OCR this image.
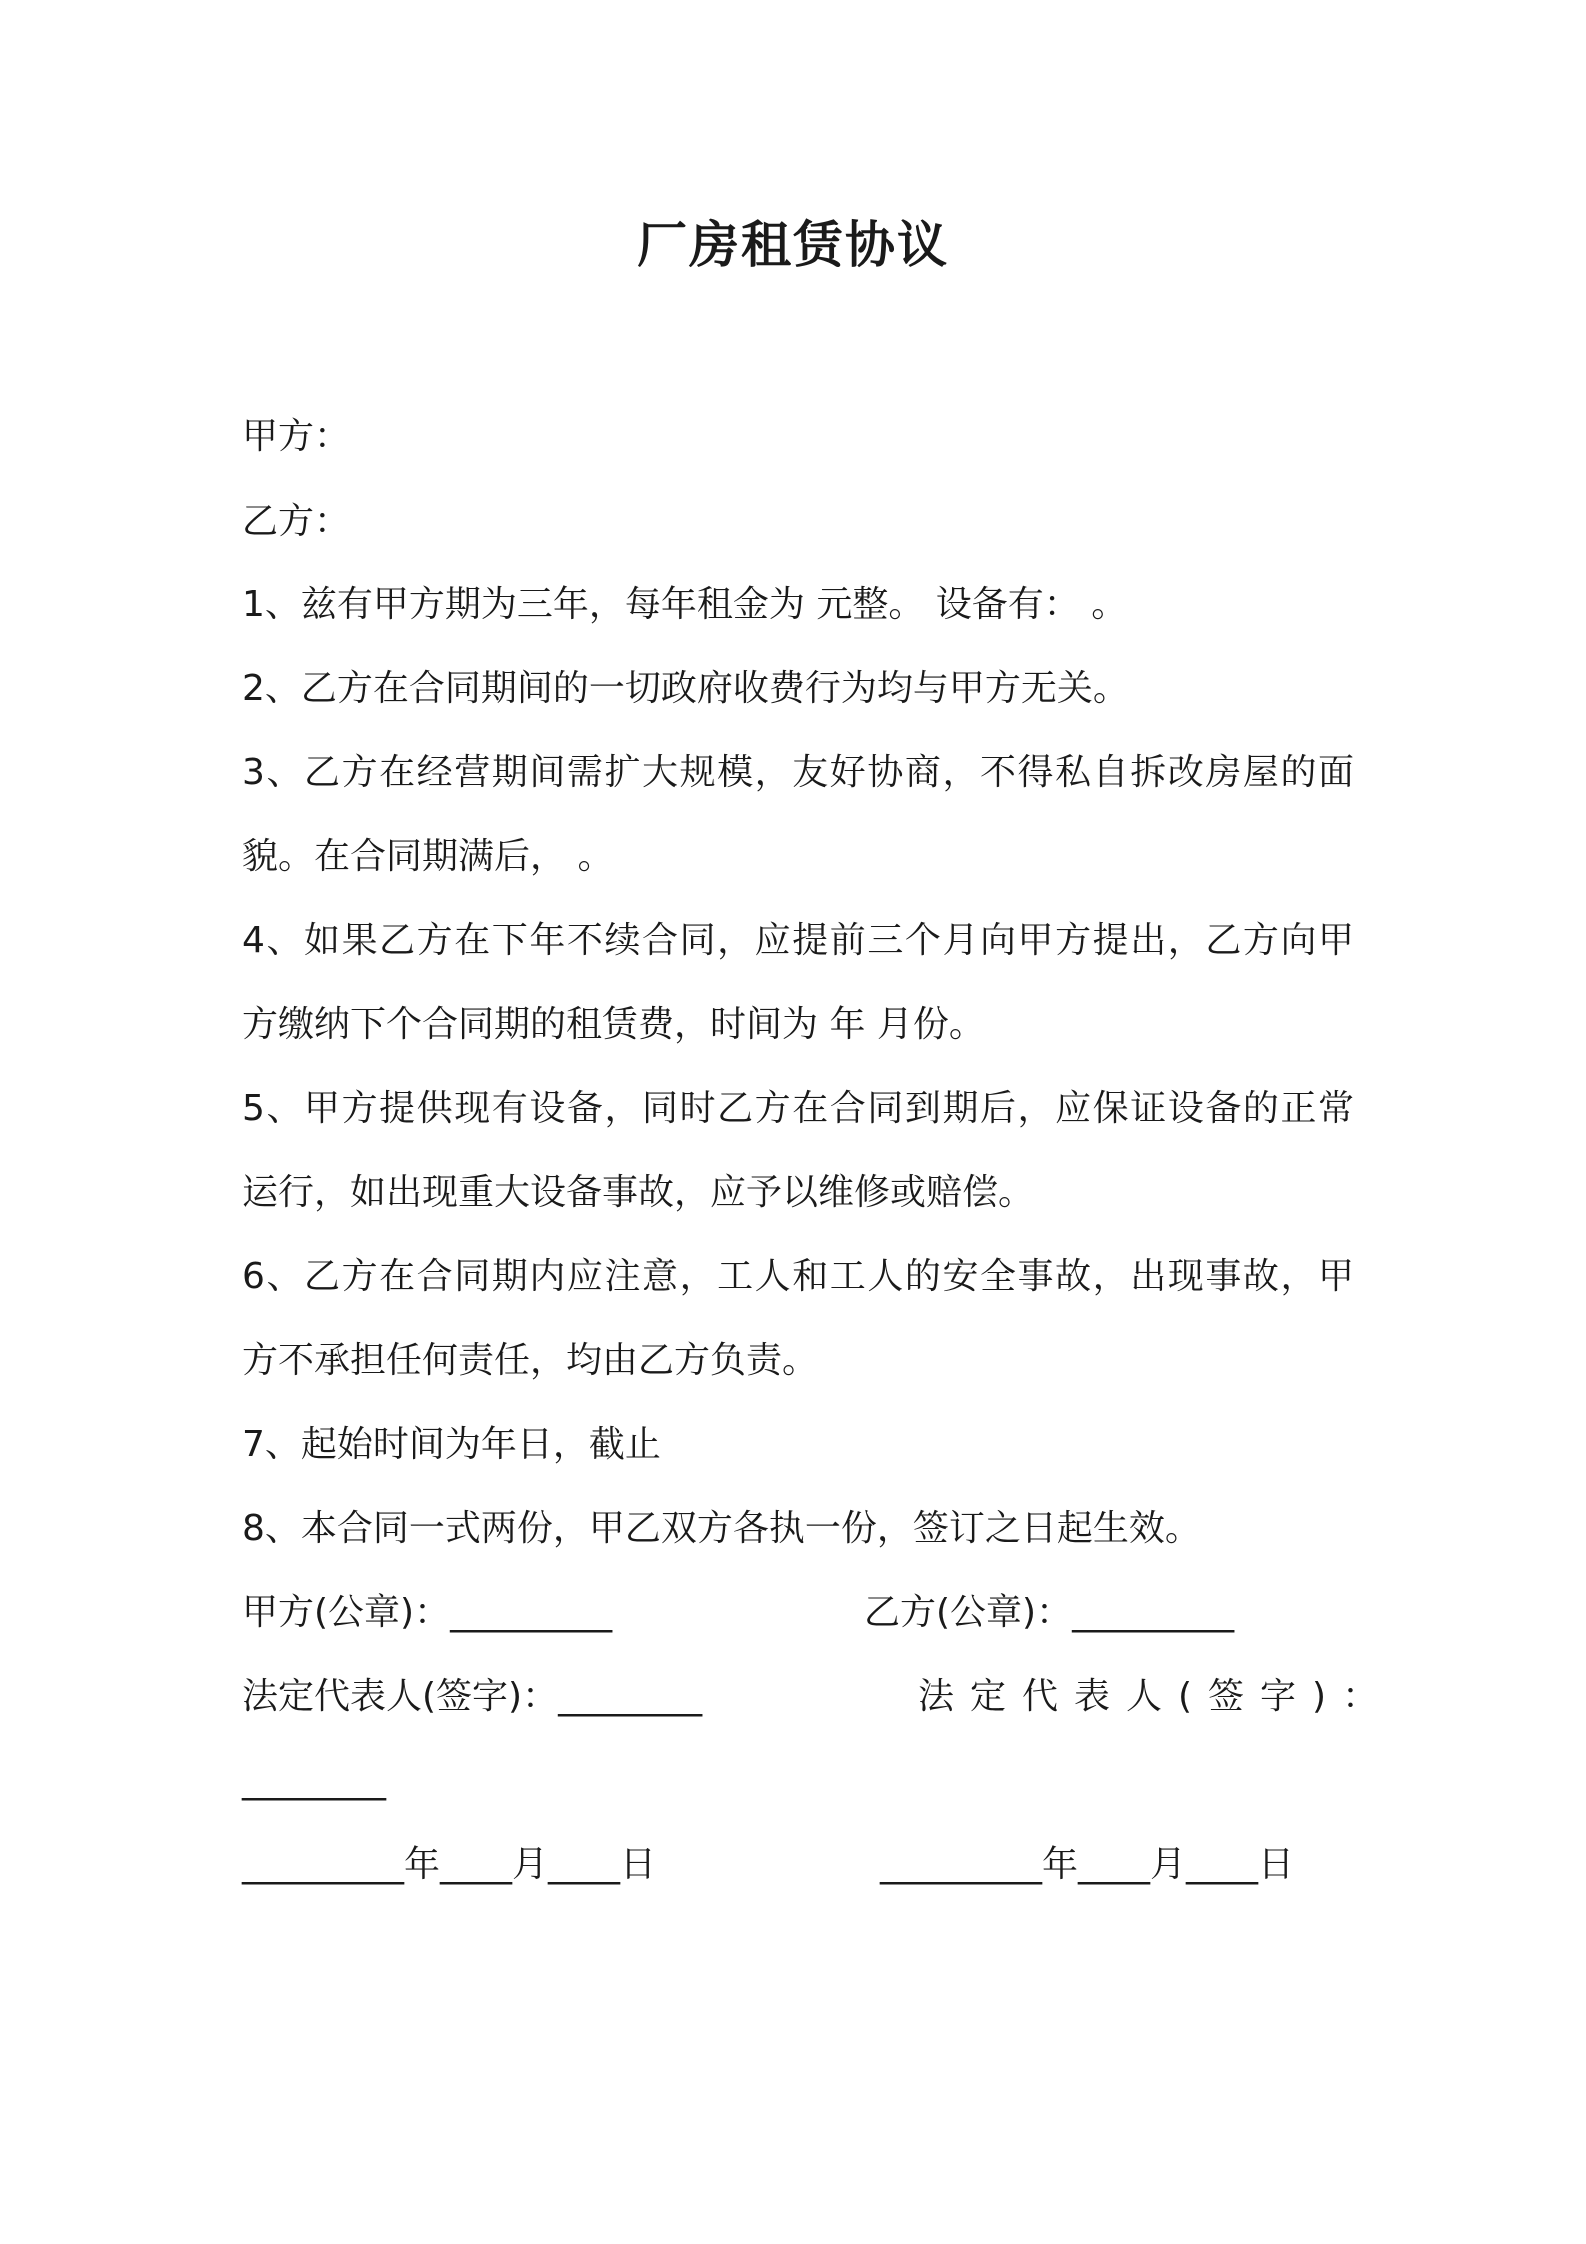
厂房租赁协议
甲方：
乙方：
1、兹有甲方期为三年，每年租金为 元整。 设备有： 。
2、乙方在合同期间的一切政府收费行为均与甲方无关。
3、乙方在经营期间需扩大规模，友好协商，不得私自拆改房屋的面
貌。在合同期满后， 。
4、如果乙方在下年不续合同，应提前三个月向甲方提出，乙方向甲
方缴纳下个合同期的租赁费，时间为 年 月份。
5、甲方提供现有设备，同时乙方在合同到期后，应保证设备的正常
运行，如出现重大设备事故，应予以维修或赔偿。
6、乙方在合同期内应注意，工人和工人的安全事故，出现事故，甲
方不承担任何责任，均由乙方负责。
7、起始时间为年日，截止
8、本合同一式两份，甲乙双方各执一份，签订之日起生效。
甲方(公章)：_________	乙方(公章)：_________
法定代表人(签字)：________	法定代表人(签字)：
________
_________年____月____日	_________年____月____日
